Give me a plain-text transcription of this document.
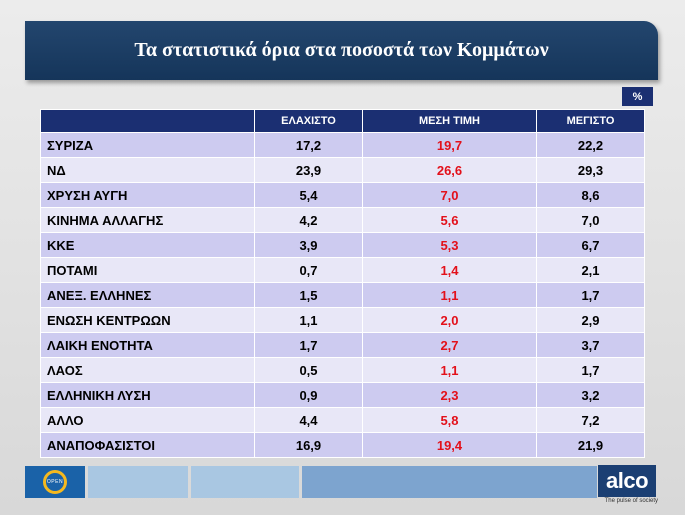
Τα στατιστικά όρια στα ποσοστά των Κομμάτων
%
	ΕΛΑΧΙΣΤΟ	ΜΕΣΗ ΤΙΜΗ	ΜΕΓΙΣΤΟ
ΣΥΡΙΖΑ	17,2	19,7	22,2
ΝΔ	23,9	26,6	29,3
ΧΡΥΣΗ ΑΥΓΗ	5,4	7,0	8,6
ΚΙΝΗΜΑ ΑΛΛΑΓΗΣ	4,2	5,6	7,0
ΚΚΕ	3,9	5,3	6,7
ΠΟΤΑΜΙ	0,7	1,4	2,1
ΑΝΕΞ. ΕΛΛΗΝΕΣ	1,5	1,1	1,7
ΕΝΩΣΗ ΚΕΝΤΡΩΩΝ	1,1	2,0	2,9
ΛΑΙΚΗ ΕΝΟΤΗΤΑ	1,7	2,7	3,7
ΛΑΟΣ	0,5	1,1	1,7
ΕΛΛΗΝΙΚΗ ΛΥΣΗ	0,9	2,3	3,2
ΑΛΛΟ	4,4	5,8	7,2
ΑΝΑΠΟΦΑΣΙΣΤΟΙ	16,9	19,4	21,9
OPEN	alco
The pulse of society
